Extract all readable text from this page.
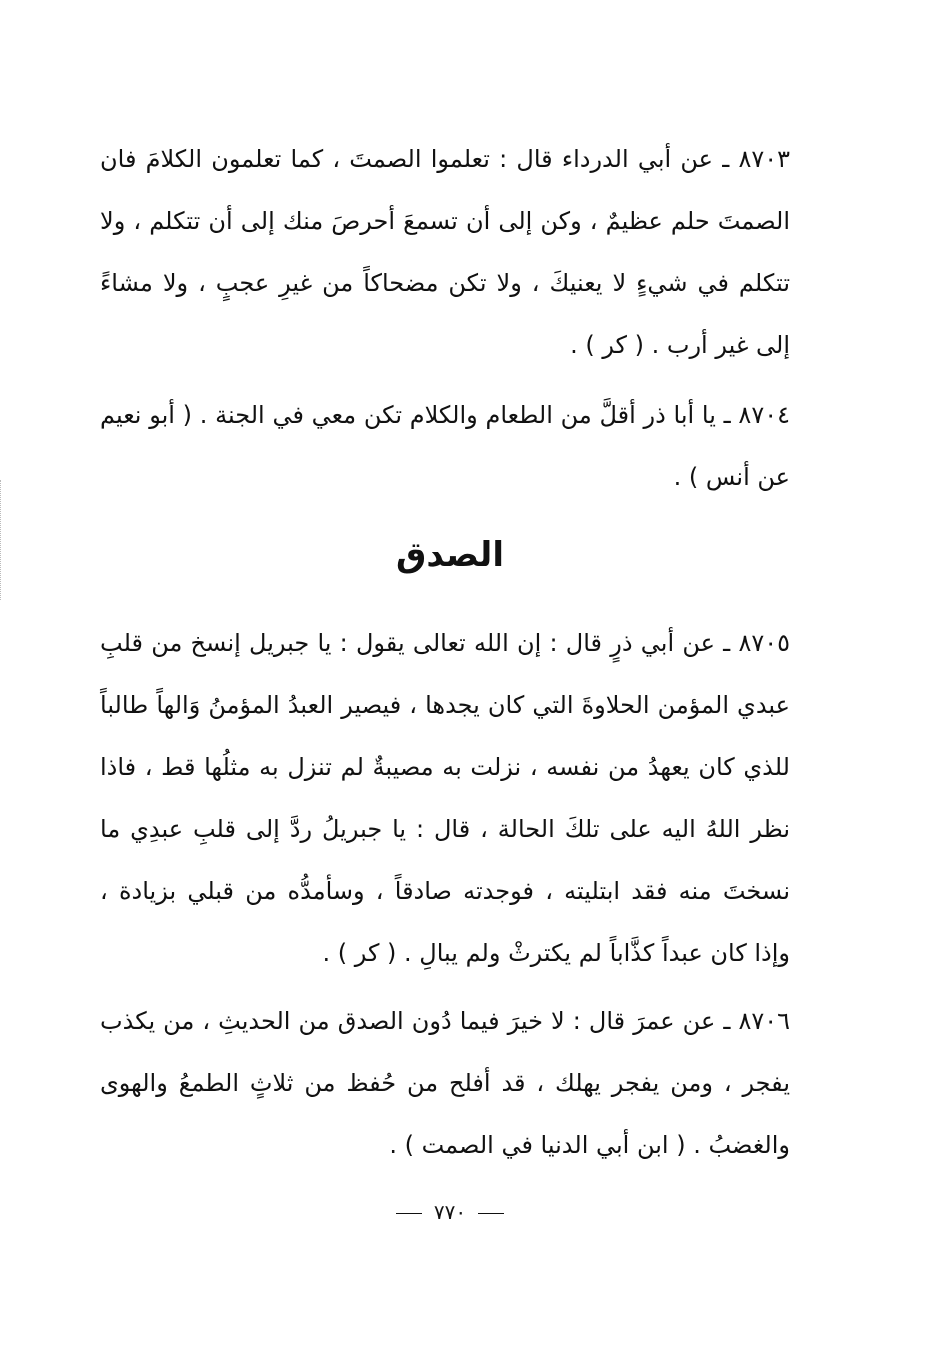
٨٧٠٣ ـ عن أبي الدرداء قال : تعلموا الصمتَ ، كما تعلمون الكلامَ فان الصمتَ حلم عظيمٌ ، وكن إلى أن تسمعَ أحرصَ منك إلى أن تتكلم ، ولا تتكلم في شيءٍ لا يعنيكَ ، ولا تكن مضحاكاً من غيرِ عجبٍ ، ولا مشاءً إلى غير أرب . ( كر ) .
٨٧٠٤ ـ يا أبا ذر أقلَّ من الطعام والكلام تكن معي في الجنة . ( أبو نعيم عن أنس ) .
الصدق
٨٧٠٥ ـ عن أبي ذرٍ قال : إن الله تعالى يقول : يا جبريل إنسخ من قلبِ عبدي المؤمن الحلاوةَ التي كان يجدها ، فيصير العبدُ المؤمنُ وَالهاً طالباً للذي كان يعهدُ من نفسه ، نزلت به مصيبةٌ لم تنزل به مثلُها قط ، فاذا نظر اللهُ اليه على تلكَ الحالة ، قال : يا جبريلُ ردَّ إلى قلبِ عبدِي ما نسختَ منه فقد ابتليته ، فوجدته صادقاً ، وسأمدُّه من قبلي بزيادة ، وإذا كان عبداً كذَّاباً لم يكترثْ ولم يبالِ . ( كر ) .
٨٧٠٦ ـ عن عمرَ قال : لا خيرَ فيما دُون الصدق من الحديثِ ، من يكذب يفجر ، ومن يفجر يهلك ، قد أفلح من حُفظ من ثلاثٍ الطمعُ والهوى والغضبُ . ( ابن أبي الدنيا في الصمت ) .
٧٧٠
